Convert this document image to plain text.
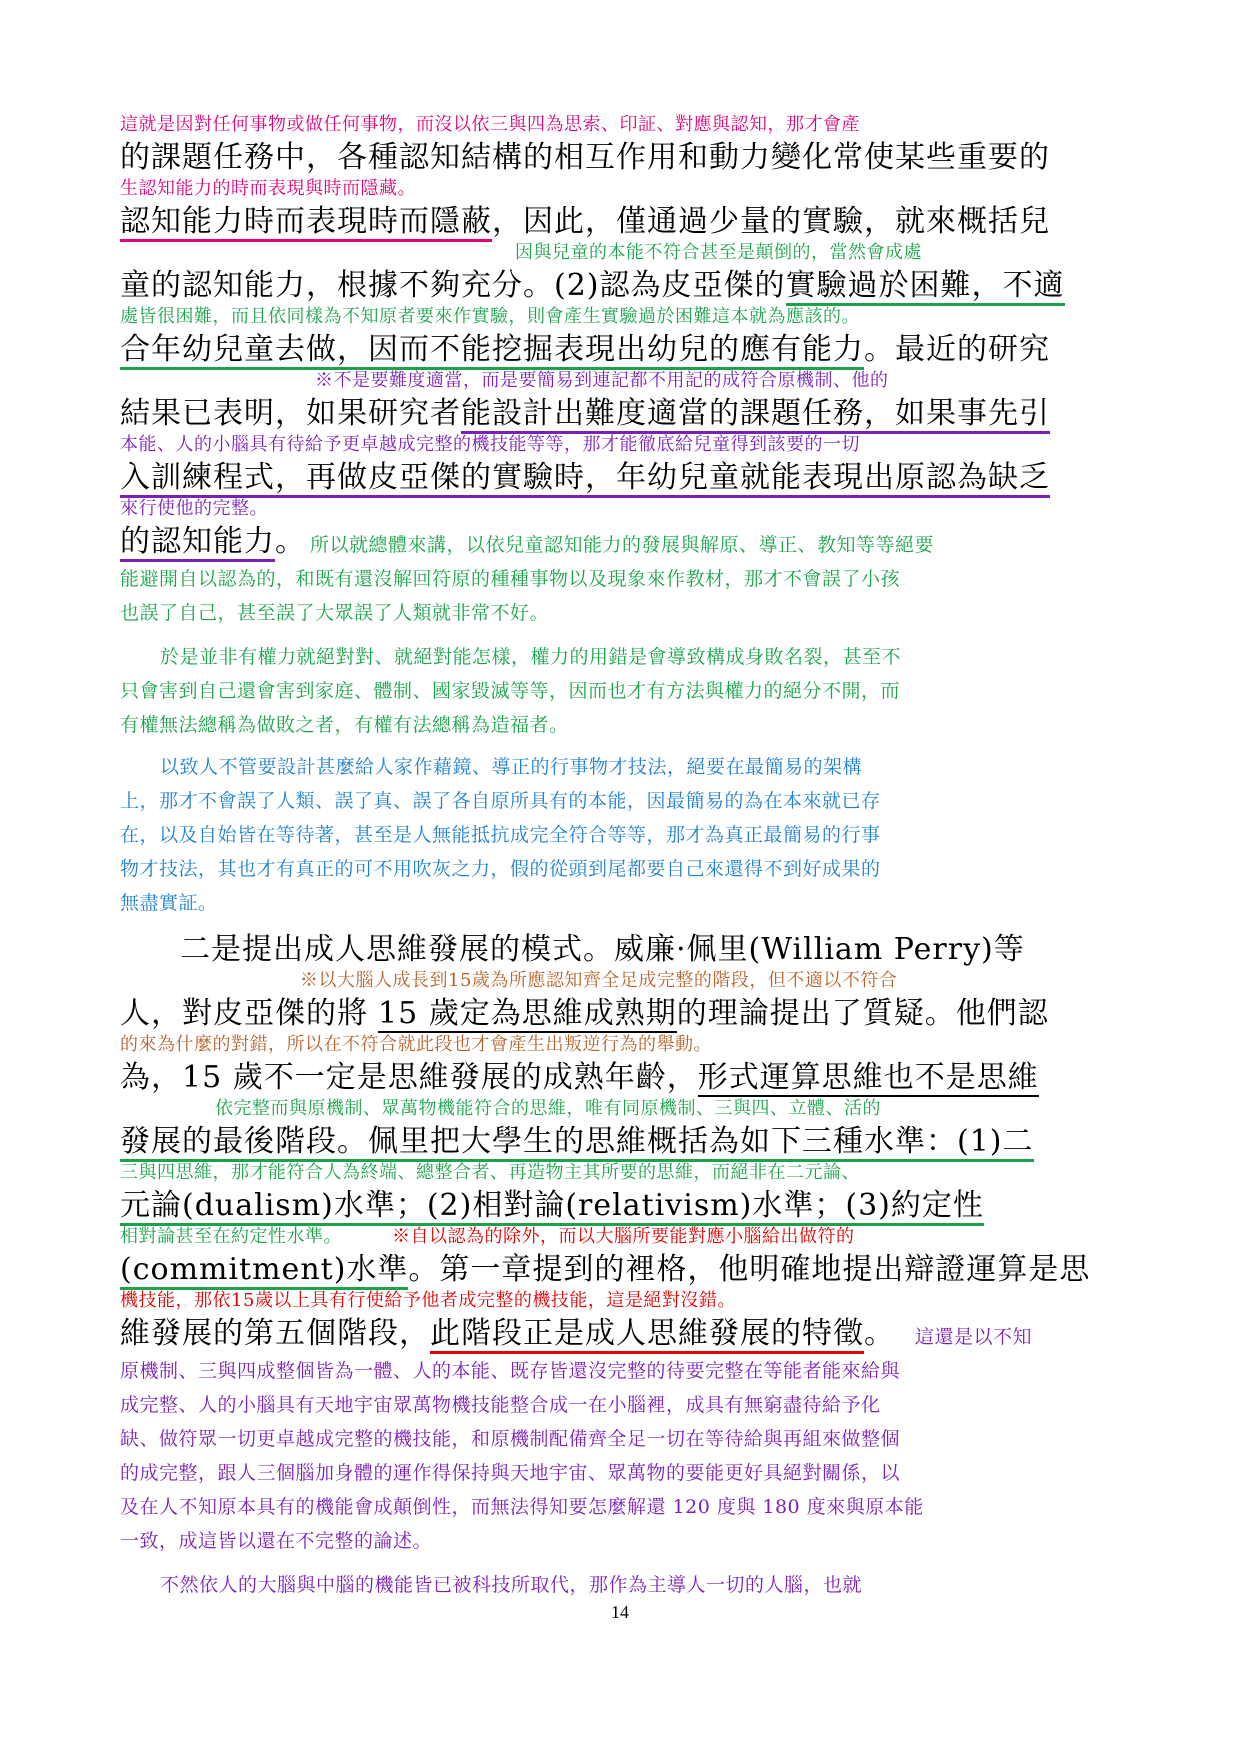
這就是因對任何事物或做任何事物，而沒以依三與四為思索、印証、對應與認知，那才會產
的課題任務中，各種認知結構的相互作用和動力變化常使某些重要的
生認知能力的時而表現與時而隱藏。
認知能力時而表現時而隱蔽，因此，僅通過少量的實驗，就來概括兒
因與兒童的本能不符合甚至是顛倒的，當然會成處
童的認知能力，根據不夠充分。(2)認為皮亞傑的實驗過於困難，不適
處皆很困難，而且依同樣為不知原者要來作實驗，則會產生實驗過於困難這本就為應該的。
合年幼兒童去做，因而不能挖掘表現出幼兒的應有能力。最近的研究
※不是要難度適當，而是要簡易到連記都不用記的成符合原機制、他的
結果已表明，如果研究者能設計出難度適當的課題任務，如果事先引
本能、人的小腦具有待給予更卓越成完整的機技能等等，那才能徹底給兒童得到該要的一切
入訓練程式，再做皮亞傑的實驗時，年幼兒童就能表現出原認為缺乏
來行使他的完整。
的認知能力。 所以就總體來講，以依兒童認知能力的發展與解原、導正、教知等等絕要
能避開自以認為的，和既有還沒解回符原的種種事物以及現象來作教材，那才不會誤了小孩
也誤了自己，甚至誤了大眾誤了人類就非常不好。
於是並非有權力就絕對對、就絕對能怎樣，權力的用錯是會導致構成身敗名裂，甚至不
只會害到自己還會害到家庭、體制、國家毀滅等等，因而也才有方法與權力的絕分不開，而
有權無法總稱為做敗之者，有權有法總稱為造福者。
以致人不管要設計甚麼給人家作藉鏡、導正的行事物才技法，絕要在最簡易的架構
上，那才不會誤了人類、誤了真、誤了各自原所具有的本能，因最簡易的為在本來就已存
在，以及自始皆在等待著，甚至是人無能抵抗成完全符合等等，那才為真正最簡易的行事
物才技法，其也才有真正的可不用吹灰之力，假的從頭到尾都要自己來還得不到好成果的
無盡實証。
二是提出成人思維發展的模式。威廉·佩里(William Perry)等
※以大腦人成長到15歲為所應認知齊全足成完整的階段，但不適以不符合
人，對皮亞傑的將 15 歲定為思維成熟期的理論提出了質疑。他們認
的來為什麼的對錯，所以在不符合就此段也才會產生出叛逆行為的舉動。
為，15 歲不一定是思維發展的成熟年齡，形式運算思維也不是思維
依完整而與原機制、眾萬物機能符合的思維，唯有同原機制、三與四、立體、活的
發展的最後階段。佩里把大學生的思維概括為如下三種水準：(1)二
三與四思維，那才能符合人為終端、總整合者、再造物主其所要的思維，而絕非在二元論、
元論(dualism)水準；(2)相對論(relativism)水準；(3)約定性
相對論甚至在約定性水準。	※自以認為的除外，而以大腦所要能對應小腦給出做符的
(commitment)水準。第一章提到的裡格，他明確地提出辯證運算是思
機技能，那依15歲以上具有行使給予他者成完整的機技能，這是絕對沒錯。
維發展的第五個階段，此階段正是成人思維發展的特徵。 這還是以不知
原機制、三與四成整個皆為一體、人的本能、既存皆還沒完整的待要完整在等能者能來給與
成完整、人的小腦具有天地宇宙眾萬物機技能整合成一在小腦裡，成具有無窮盡待給予化
缺、做符眾一切更卓越成完整的機技能，和原機制配備齊全足一切在等待給與再組來做整個
的成完整，跟人三個腦加身體的運作得保持與天地宇宙、眾萬物的要能更好具絕對關係，以
及在人不知原本具有的機能會成顛倒性，而無法得知要怎麼解還 120 度與 180 度來與原本能
一致，成這皆以還在不完整的論述。
不然依人的大腦與中腦的機能皆已被科技所取代，那作為主導人一切的人腦，也就
14
